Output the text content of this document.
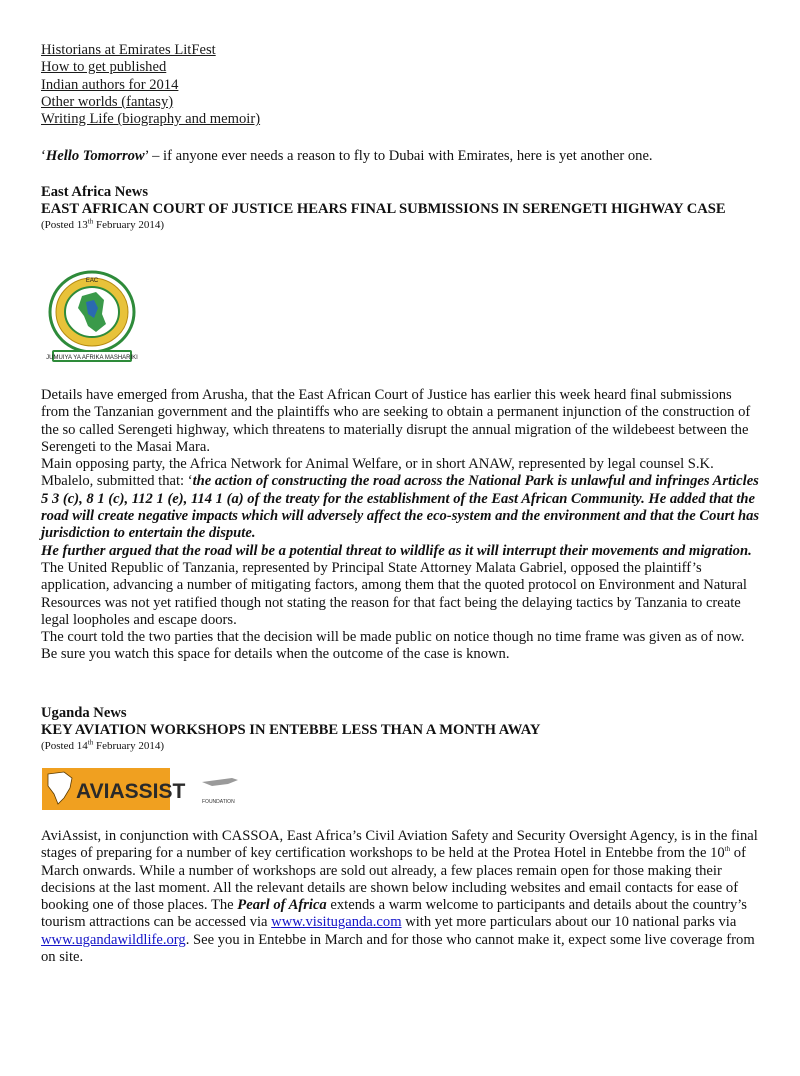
Historians at Emirates LitFest
How to get published
Indian authors for 2014
Other worlds (fantasy)
Writing Life (biography and memoir)
‘Hello Tomorrow’ – if anyone ever needs a reason to fly to Dubai with Emirates, here is yet another one.
East Africa News
EAST AFRICAN COURT OF JUSTICE HEARS FINAL SUBMISSIONS IN SERENGETI HIGHWAY CASE
(Posted 13th February 2014)
JUMUIYA YA AFRIKA MASHARIKI
EAC
Details have emerged from Arusha, that the East African Court of Justice has earlier this week heard final submissions from the Tanzanian government and the plaintiffs who are seeking to obtain a permanent injunction of the construction of the so called Serengeti highway, which threatens to materially disrupt the annual migration of the wildebeest between the Serengeti to the Masai Mara.
Main opposing party, the Africa Network for Animal Welfare, or in short ANAW, represented by legal counsel S.K. Mbalelo, submitted that: ‘the action of constructing the road across the National Park is unlawful and infringes Articles 5 3 (c), 8 1 (c), 112 1 (e), 114 1 (a) of the treaty for the establishment of the East African Community. He added that the road will create negative impacts which will adversely affect the eco-system and the environment and that the Court has jurisdiction to entertain the dispute.
He further argued that the road will be a potential threat to wildlife as it will interrupt their movements and migration.
The United Republic of Tanzania, represented by Principal State Attorney Malata Gabriel, opposed the plaintiff’s application, advancing a number of mitigating factors, among them that the quoted protocol on Environment and Natural Resources was not yet ratified though not stating the reason for that fact being the delaying tactics by Tanzania to create legal loopholes and escape doors.
The court told the two parties that the decision will be made public on notice though no time frame was given as of now. Be sure you watch this space for details when the outcome of the case is known.
Uganda News
KEY AVIATION WORKSHOPS IN ENTEBBE LESS THAN A MONTH AWAY
(Posted 14th February 2014)
AVIASSIST	FOUNDATION
AviAssist, in conjunction with CASSOA, East Africa’s Civil Aviation Safety and Security Oversight Agency, is in the final stages of preparing for a number of key certification workshops to be held at the Protea Hotel in Entebbe from the 10th of March onwards. While a number of workshops are sold out already, a few places remain open for those making their decisions at the last moment. All the relevant details are shown below including websites and email contacts for ease of booking one of those places. The Pearl of Africa extends a warm welcome to participants and details about the country’s tourism attractions can be accessed via www.visituganda.com with yet more particulars about our 10 national parks via www.ugandawildlife.org. See you in Entebbe in March and for those who cannot make it, expect some live coverage from on site.
